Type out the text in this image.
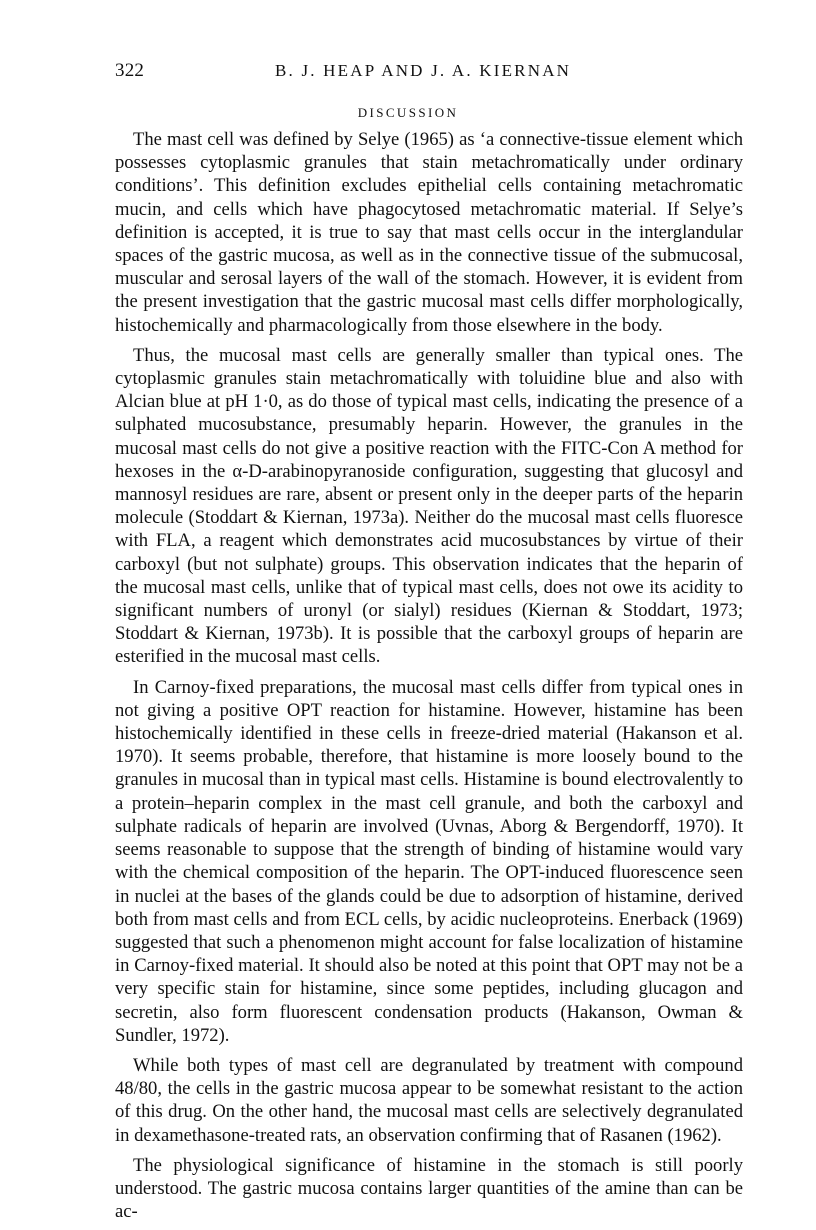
322	B. J. HEAP AND J. A. KIERNAN
DISCUSSION

The mast cell was defined by Selye (1965) as ‘a connective-tissue element which possesses cytoplasmic granules that stain metachromatically under ordinary conditions’. This definition excludes epithelial cells containing metachromatic mucin, and cells which have phagocytosed metachromatic material. If Selye’s definition is accepted, it is true to say that mast cells occur in the interglandular spaces of the gastric mucosa, as well as in the connective tissue of the submucosal, muscular and serosal layers of the wall of the stomach. However, it is evident from the present investigation that the gastric mucosal mast cells differ morphologically, histochemically and pharmacologically from those elsewhere in the body.

Thus, the mucosal mast cells are generally smaller than typical ones. The cytoplasmic granules stain metachromatically with toluidine blue and also with Alcian blue at pH 1·0, as do those of typical mast cells, indicating the presence of a sulphated mucosubstance, presumably heparin. However, the granules in the mucosal mast cells do not give a positive reaction with the FITC-Con A method for hexoses in the α-D-arabinopyranoside configuration, suggesting that glucosyl and mannosyl residues are rare, absent or present only in the deeper parts of the heparin molecule (Stoddart & Kiernan, 1973a). Neither do the mucosal mast cells fluoresce with FLA, a reagent which demonstrates acid mucosubstances by virtue of their carboxyl (but not sulphate) groups. This observation indicates that the heparin of the mucosal mast cells, unlike that of typical mast cells, does not owe its acidity to significant numbers of uronyl (or sialyl) residues (Kiernan & Stoddart, 1973; Stoddart & Kiernan, 1973b). It is possible that the carboxyl groups of heparin are esterified in the mucosal mast cells.

In Carnoy-fixed preparations, the mucosal mast cells differ from typical ones in not giving a positive OPT reaction for histamine. However, histamine has been histochemically identified in these cells in freeze-dried material (Hakanson et al. 1970). It seems probable, therefore, that histamine is more loosely bound to the granules in mucosal than in typical mast cells. Histamine is bound electrovalently to a protein–heparin complex in the mast cell granule, and both the carboxyl and sulphate radicals of heparin are involved (Uvnas, Aborg & Bergendorff, 1970). It seems reasonable to suppose that the strength of binding of histamine would vary with the chemical composition of the heparin. The OPT-induced fluorescence seen in nuclei at the bases of the glands could be due to adsorption of histamine, derived both from mast cells and from ECL cells, by acidic nucleoproteins. Enerback (1969) suggested that such a phenomenon might account for false localization of histamine in Carnoy-fixed material. It should also be noted at this point that OPT may not be a very specific stain for histamine, since some peptides, including glucagon and secretin, also form fluorescent condensation products (Hakanson, Owman & Sundler, 1972).

While both types of mast cell are degranulated by treatment with compound 48/80, the cells in the gastric mucosa appear to be somewhat resistant to the action of this drug. On the other hand, the mucosal mast cells are selectively degranulated in dexamethasone-treated rats, an observation confirming that of Rasanen (1962).

The physiological significance of histamine in the stomach is still poorly understood. The gastric mucosa contains larger quantities of the amine than can be ac-
